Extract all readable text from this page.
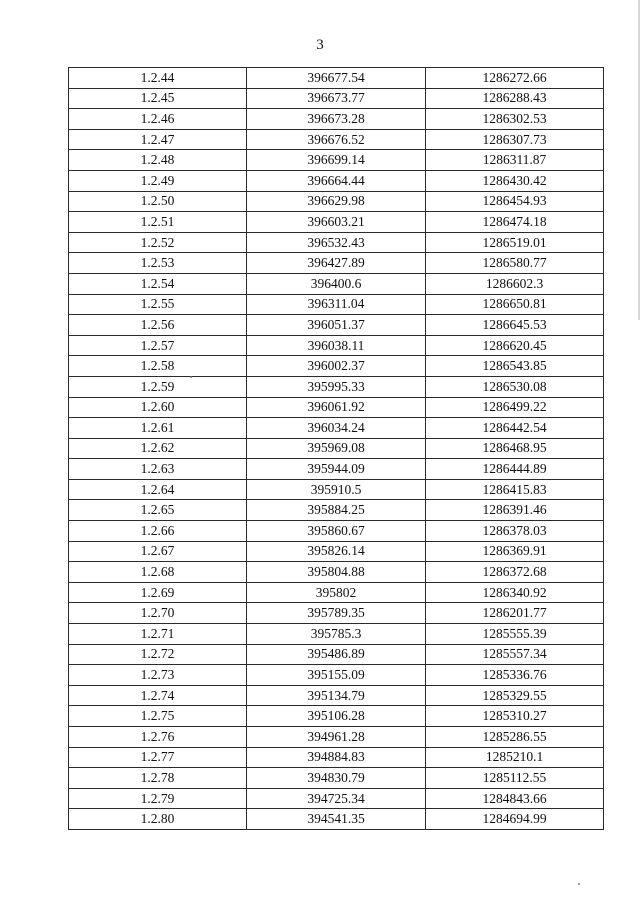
3
1.2.44	396677.54	1286272.66
1.2.45	396673.77	1286288.43
1.2.46	396673.28	1286302.53
1.2.47	396676.52	1286307.73
1.2.48	396699.14	1286311.87
1.2.49	396664.44	1286430.42
1.2.50	396629.98	1286454.93
1.2.51	396603.21	1286474.18
1.2.52	396532.43	1286519.01
1.2.53	396427.89	1286580.77
1.2.54	396400.6	1286602.3
1.2.55	396311.04	1286650.81
1.2.56	396051.37	1286645.53
1.2.57	396038.11	1286620.45
1.2.58	396002.37	1286543.85
1.2.59	395995.33	1286530.08
1.2.60	396061.92	1286499.22
1.2.61	396034.24	1286442.54
1.2.62	395969.08	1286468.95
1.2.63	395944.09	1286444.89
1.2.64	395910.5	1286415.83
1.2.65	395884.25	1286391.46
1.2.66	395860.67	1286378.03
1.2.67	395826.14	1286369.91
1.2.68	395804.88	1286372.68
1.2.69	395802	1286340.92
1.2.70	395789.35	1286201.77
1.2.71	395785.3	1285555.39
1.2.72	395486.89	1285557.34
1.2.73	395155.09	1285336.76
1.2.74	395134.79	1285329.55
1.2.75	395106.28	1285310.27
1.2.76	394961.28	1285286.55
1.2.77	394884.83	1285210.1
1.2.78	394830.79	1285112.55
1.2.79	394725.34	1284843.66
1.2.80	394541.35	1284694.99
